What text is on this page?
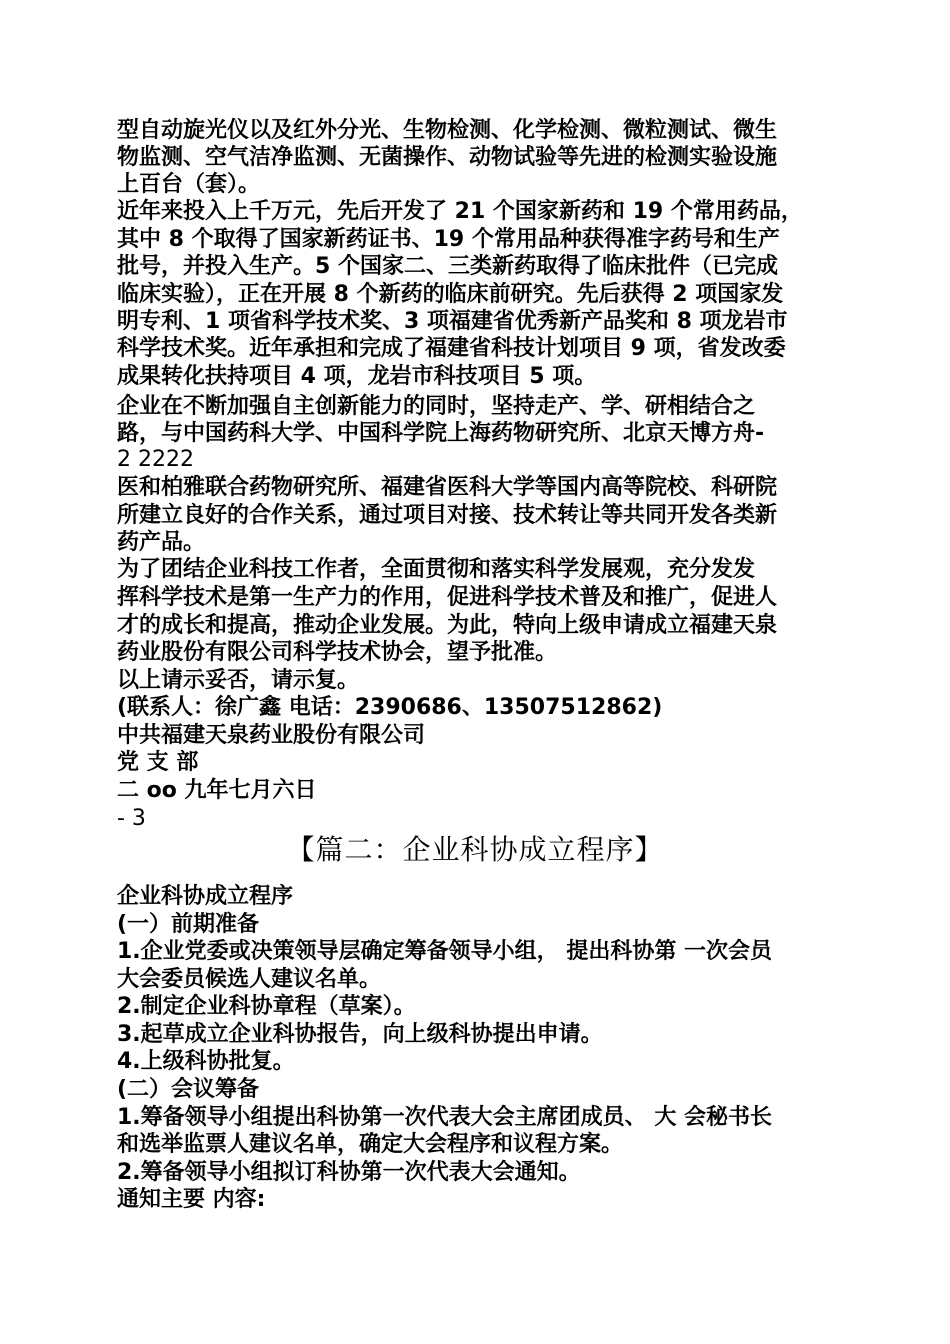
型自动旋光仪以及红外分光、生物检测、化学检测、微粒测试、微生
物监测、空气洁净监测、无菌操作、动物试验等先进的检测实验设施
上百台（套）。
近年来投入上千万元，先后开发了 21 个国家新药和 19 个常用药品，
其中 8 个取得了国家新药证书、19 个常用品种获得准字药号和生产
批号，并投入生产。5 个国家二、三类新药取得了临床批件（已完成
临床实验），正在开展 8 个新药的临床前研究。先后获得 2 项国家发
明专利、1 项省科学技术奖、3 项福建省优秀新产品奖和 8 项龙岩市
科学技术奖。近年承担和完成了福建省科技计划项目 9 项，省发改委
成果转化扶持项目 4 项，龙岩市科技项目 5 项。
企业在不断加强自主创新能力的同时，坚持走产、学、研相结合之
路，与中国药科大学、中国科学院上海药物研究所、北京天博方舟-
2 2222
医和柏雅联合药物研究所、福建省医科大学等国内高等院校、科研院
所建立良好的合作关系，通过项目对接、技术转让等共同开发各类新
药产品。
为了团结企业科技工作者，全面贯彻和落实科学发展观，充分发发
挥科学技术是第一生产力的作用，促进科学技术普及和推广，促进人
才的成长和提高，推动企业发展。为此，特向上级申请成立福建天泉
药业股份有限公司科学技术协会，望予批准。
以上请示妥否，请示复。
(联系人：徐广鑫 电话：2390686、13507512862)
中共福建天泉药业股份有限公司
党 支 部
二 oo 九年七月六日
- 3
【篇二：企业科协成立程序】
企业科协成立程序
(一）前期准备
1.企业党委或决策领导层确定筹备领导小组， 提出科协第 一次会员
大会委员候选人建议名单。
2.制定企业科协章程（草案）。
3.起草成立企业科协报告，向上级科协提出申请。
4.上级科协批复。
(二）会议筹备
1.筹备领导小组提出科协第一次代表大会主席团成员、 大 会秘书长
和选举监票人建议名单，确定大会程序和议程方案。
2.筹备领导小组拟订科协第一次代表大会通知。
通知主要 内容:
